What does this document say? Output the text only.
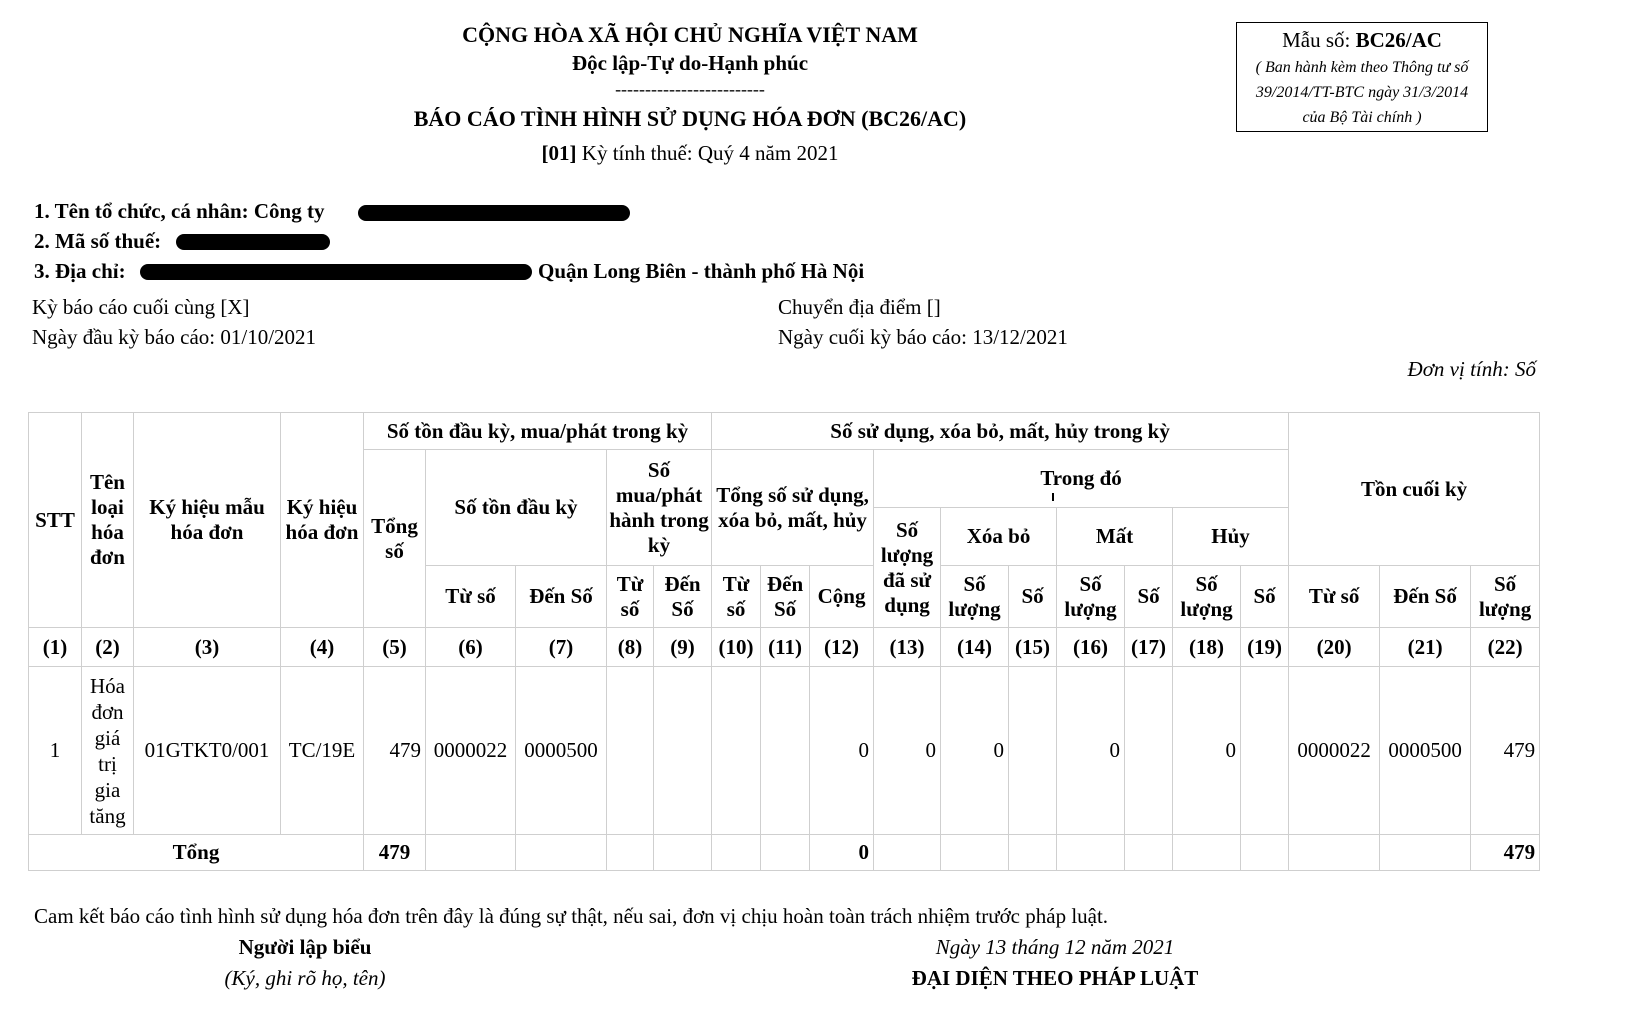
CỘNG HÒA XÃ HỘI CHỦ NGHĨA VIỆT NAM
Độc lập-Tự do-Hạnh phúc
-------------------------
BÁO CÁO TÌNH HÌNH SỬ DỤNG HÓA ĐƠN (BC26/AC)
[01] Kỳ tính thuế: Quý 4 năm 2021
Mẫu số: BC26/AC
( Ban hành kèm theo Thông tư số
39/2014/TT-BTC ngày 31/3/2014
của Bộ Tài chính )
1. Tên tổ chức, cá nhân: Công ty
2. Mã số thuế:
3. Địa chỉ:	Quận Long Biên - thành phố Hà Nội
Kỳ báo cáo cuối cùng [X]	Chuyển địa điểm []
Ngày đầu kỳ báo cáo: 01/10/2021	Ngày cuối kỳ báo cáo: 13/12/2021
Đơn vị tính: Số
STT	Tên loại hóa đơn	Ký hiệu mẫu hóa đơn	Ký hiệu hóa đơn	Số tồn đầu kỳ, mua/phát trong kỳ					Số sử dụng, xóa bỏ, mất, hủy trong kỳ										Tồn cuối kỳ		
				Tổng số	Số tồn đầu kỳ		Số mua/phát hành trong kỳ		Tổng số sử dụng, xóa bỏ, mất, hủy			Trong đó									

												Số lượng đã sử dụng	Xóa bỏ		Mất		Hủy				
					Từ số	Đến Số	Từ số	Đến Số	Từ số	Đến Số	Cộng		Số lượng	Số	Số lượng	Số	Số lượng	Số	Từ số	Đến Số	Số lượng
(1)	(2)	(3)	(4)	(5)	(6)	(7)	(8)	(9)	(10)	(11)	(12)	(13)	(14)	(15)	(16)	(17)	(18)	(19)	(20)	(21)	(22)
1	Hóa đơn giá trị gia tăng	01GTKT0/001	TC/19E	479	0000022	0000500					0	0	0		0		0		0000022	0000500	479
Tổng				479							0										479
Cam kết báo cáo tình hình sử dụng hóa đơn trên đây là đúng sự thật, nếu sai, đơn vị chịu hoàn toàn trách nhiệm trước pháp luật.
Người lập biểu
(Ký, ghi rõ họ, tên)
Ngày 13 tháng 12 năm 2021
ĐẠI DIỆN THEO PHÁP LUẬT
